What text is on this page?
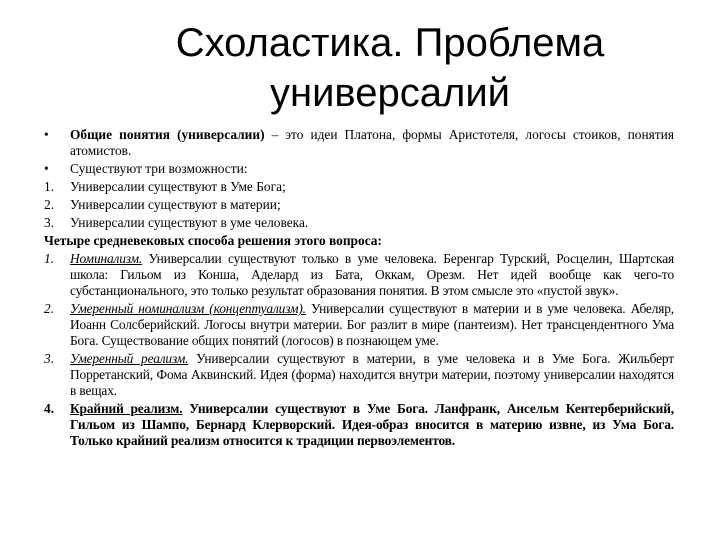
Схоластика. Проблема
универсалий
•	Общие понятия (универсалии) – это идеи Платона, формы Аристотеля, логосы стоиков, понятия атомистов.
•	Существуют три возможности:
1.	Универсалии существуют в Уме Бога;
2.	Универсалии существуют в материи;
3.	Универсалии существуют в уме человека.
Четыре средневековых способа решения этого вопроса:
1.	Номинализм. Универсалии существуют только в уме человека. Беренгар Турский, Росцелин, Шартская школа: Гильом из Конша, Аделард из Бата, Оккам, Орезм. Нет идей вообще как чего-то субстанционального, это только результат образования понятия. В этом смысле это «пустой звук».
2.	Умеренный номинализм (концептуализм). Универсалии существуют в материи и в уме человека. Абеляр, Иоанн Солсберийский. Логосы внутри материи. Бог разлит в мире (пантеизм). Нет трансцендентного Ума Бога. Существование общих понятий (логосов) в познающем уме.
3.	Умеренный реализм. Универсалии существуют в материи, в уме человека и в Уме Бога. Жильберт Порретанский, Фома Аквинский. Идея (форма) находится внутри материи, поэтому универсалии находятся в вещах.
4.	Крайний реализм. Универсалии существуют в Уме Бога. Ланфранк, Ансельм Кентерберийский, Гильом из Шампо, Бернард Клерворский. Идея-образ вносится в материю извне, из Ума Бога. Только крайний реализм относится к традиции первоэлементов.
